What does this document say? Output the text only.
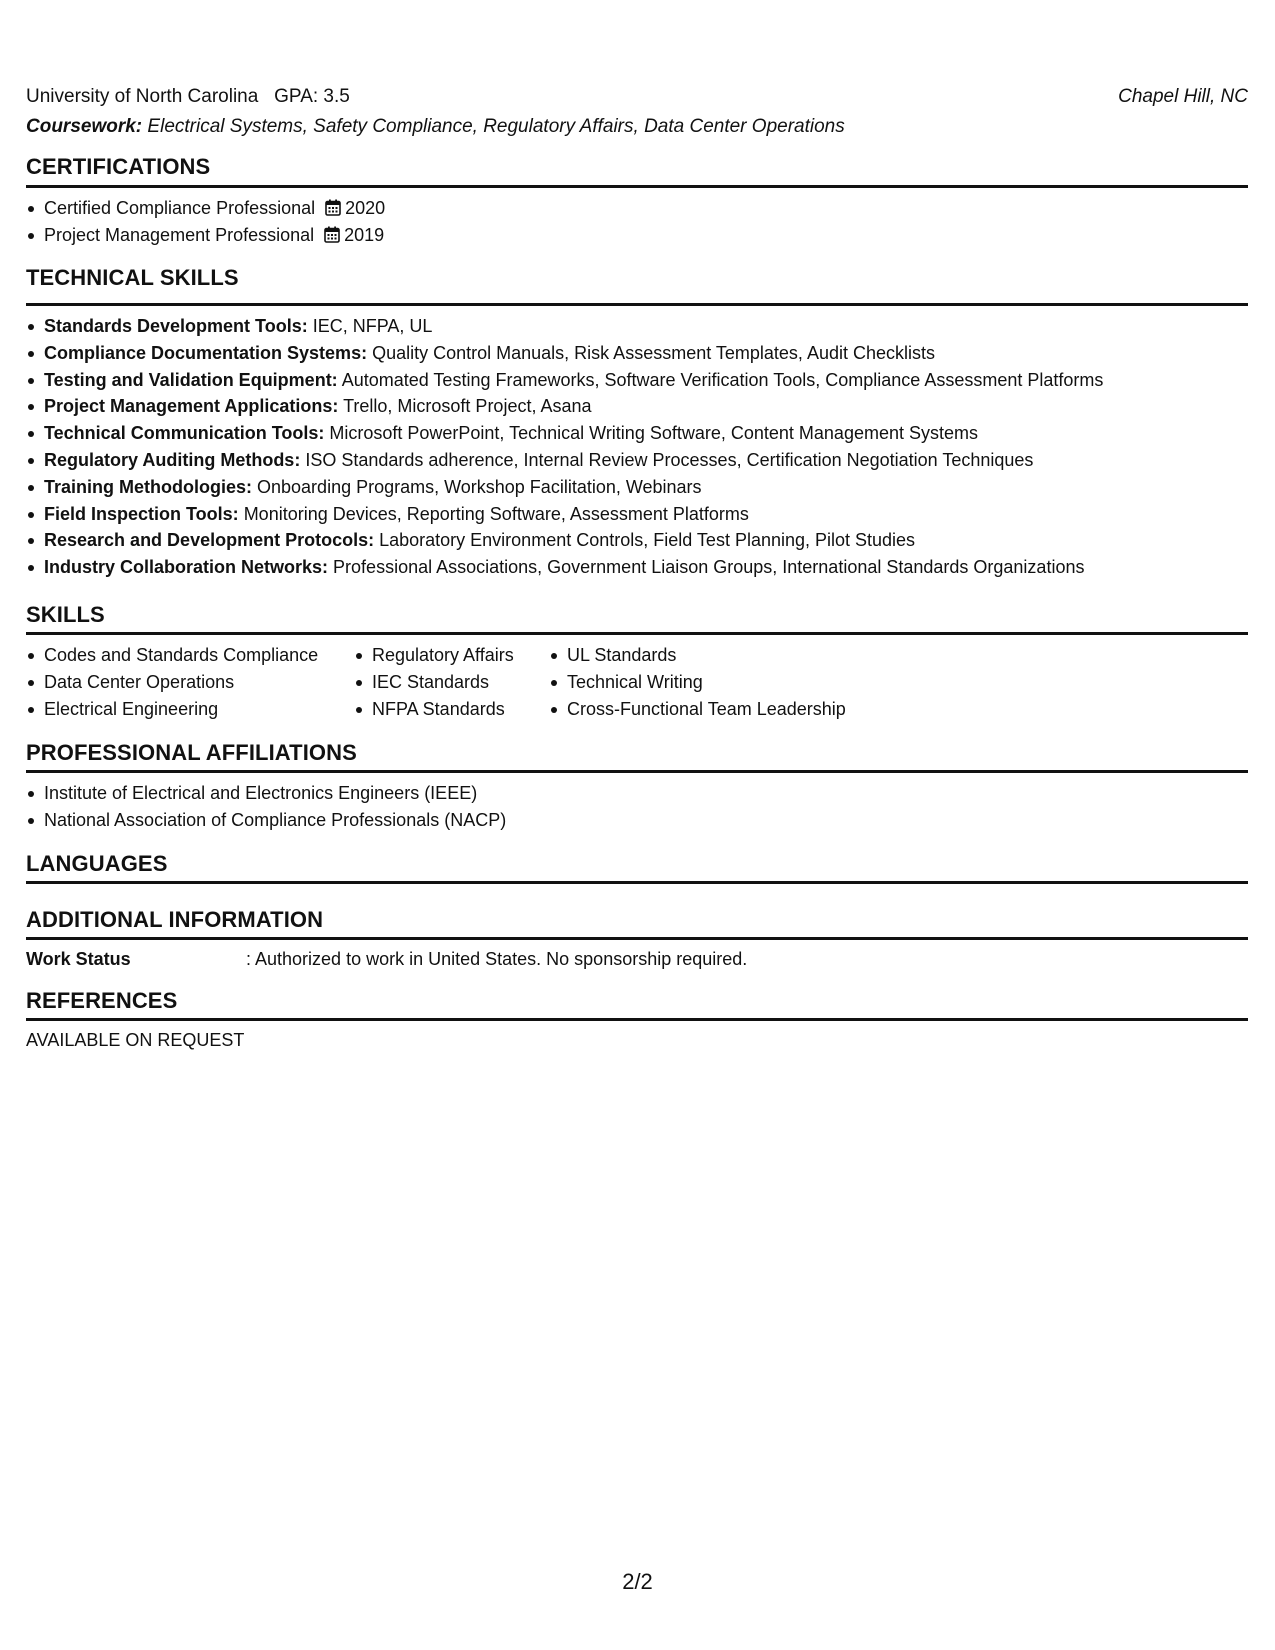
University of North Carolina GPA: 3.5	Chapel Hill, NC
Coursework: Electrical Systems, Safety Compliance, Regulatory Affairs, Data Center Operations
CERTIFICATIONS
Certified Compliance Professional 2020
Project Management Professional 2019
TECHNICAL SKILLS
Standards Development Tools: IEC, NFPA, UL
Compliance Documentation Systems: Quality Control Manuals, Risk Assessment Templates, Audit Checklists
Testing and Validation Equipment: Automated Testing Frameworks, Software Verification Tools, Compliance Assessment Platforms
Project Management Applications: Trello, Microsoft Project, Asana
Technical Communication Tools: Microsoft PowerPoint, Technical Writing Software, Content Management Systems
Regulatory Auditing Methods: ISO Standards adherence, Internal Review Processes, Certification Negotiation Techniques
Training Methodologies: Onboarding Programs, Workshop Facilitation, Webinars
Field Inspection Tools: Monitoring Devices, Reporting Software, Assessment Platforms
Research and Development Protocols: Laboratory Environment Controls, Field Test Planning, Pilot Studies
Industry Collaboration Networks: Professional Associations, Government Liaison Groups, International Standards Organizations
SKILLS
Codes and Standards Compliance
Data Center Operations
Electrical Engineering
Regulatory Affairs
IEC Standards
NFPA Standards
UL Standards
Technical Writing
Cross-Functional Team Leadership
PROFESSIONAL AFFILIATIONS
Institute of Electrical and Electronics Engineers (IEEE)
National Association of Compliance Professionals (NACP)
LANGUAGES
ADDITIONAL INFORMATION
Work Status	: Authorized to work in United States. No sponsorship required.
REFERENCES
AVAILABLE ON REQUEST
2/2
